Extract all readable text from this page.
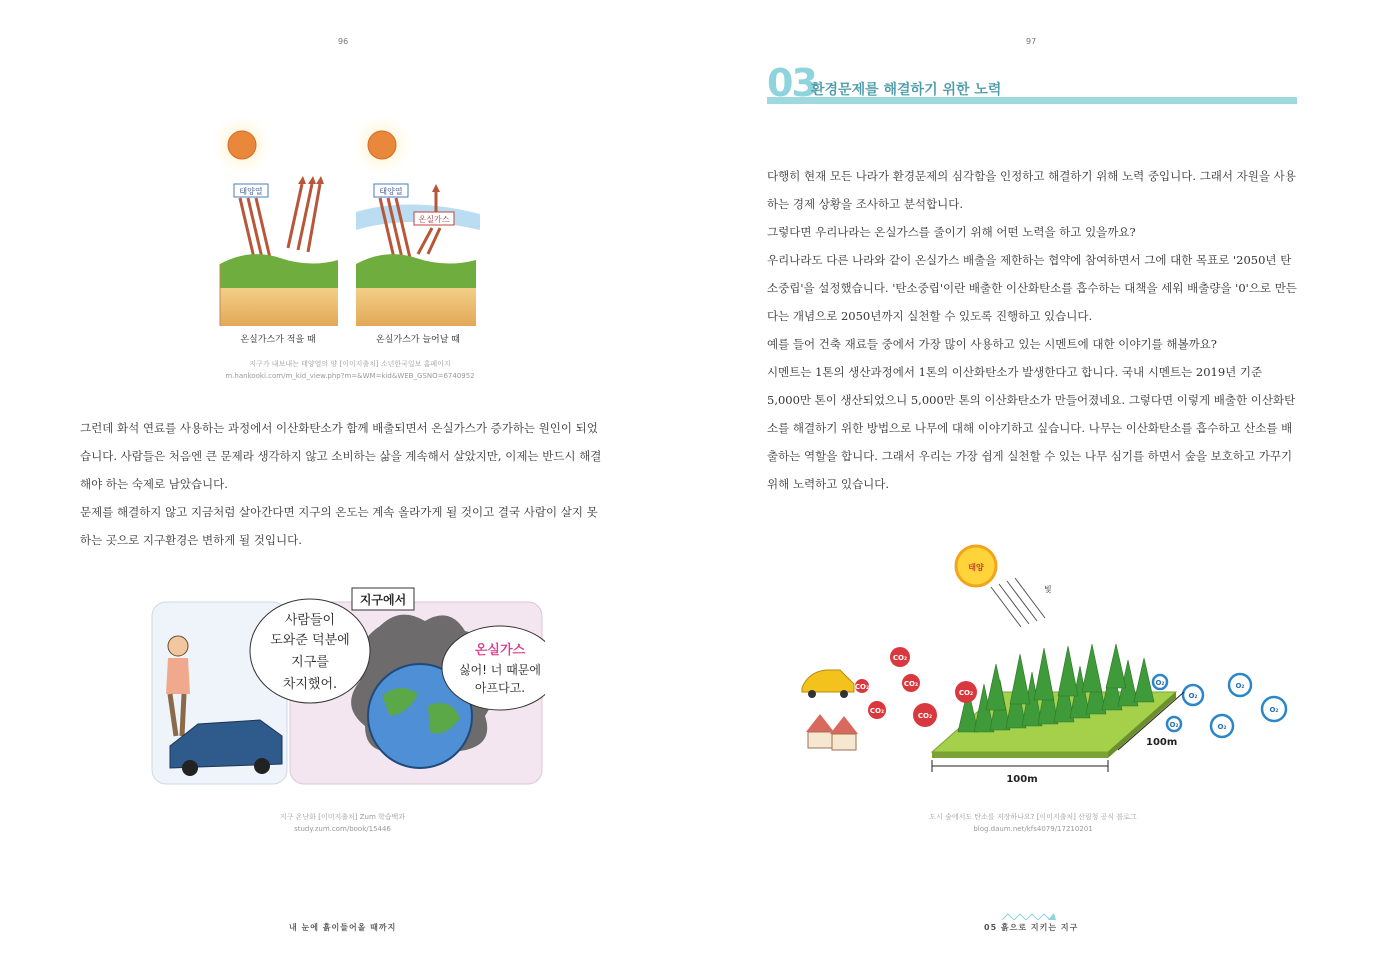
96
태양열
온실가스가 적을 때
태양열
온실가스
온실가스가 늘어날 때
지구가 내보내는 태양열의 양 [이미지출처] 소년한국일보 홈페이지
m.hankooki.com/m_kid_view.php?m=&WM=kid&WEB_GSNO=6740952

그런데 화석 연료를 사용하는 과정에서 이산화탄소가 함께 배출되면서 온실가스가 증가하는 원인이 되었습니다. 사람들은 처음엔 큰 문제라 생각하지 않고 소비하는 삶을 계속해서 살았지만, 이제는 반드시 해결해야 하는 숙제로 남았습니다.

문제를 해결하지 않고 지금처럼 살아간다면 지구의 온도는 계속 올라가게 될 것이고 결국 사람이 살지 못하는 곳으로 지구환경은 변하게 될 것입니다.

지구에서
사람들이
도와준 덕분에
지구를
차지했어.
온실가스
싫어! 너 때문에
아프다고.
지구 온난화 [이미지출처] Zum 학습백과
study.zum.com/book/15446
내 눈에 흙이들어올 때까지
97
03
환경문제를 해결하기 위한 노력

다행히 현재 모든 나라가 환경문제의 심각함을 인정하고 해결하기 위해 노력 중입니다. 그래서 자원을 사용하는 경제 상황을 조사하고 분석합니다.

그렇다면 우리나라는 온실가스를 줄이기 위해 어떤 노력을 하고 있을까요?

우리나라도 다른 나라와 같이 온실가스 배출을 제한하는 협약에 참여하면서 그에 대한 목표로 '2050년 탄소중립'을 설정했습니다. '탄소중립'이란 배출한 이산화탄소를 흡수하는 대책을 세워 배출량을 '0'으로 만든다는 개념으로 2050년까지 실천할 수 있도록 진행하고 있습니다.

예를 들어 건축 재료들 중에서 가장 많이 사용하고 있는 시멘트에 대한 이야기를 해볼까요?

시멘트는 1톤의 생산과정에서 1톤의 이산화탄소가 발생한다고 합니다. 국내 시멘트는 2019년 기준 5,000만 톤이 생산되었으니 5,000만 톤의 이산화탄소가 만들어졌네요. 그렇다면 이렇게 배출한 이산화탄소를 해결하기 위한 방법으로 나무에 대해 이야기하고 싶습니다. 나무는 이산화탄소를 흡수하고 산소를 배출하는 역할을 합니다. 그래서 우리는 가장 쉽게 실천할 수 있는 나무 심기를 하면서 숲을 보호하고 가꾸기 위해 노력하고 있습니다.

태양
빛
CO₂
CO₂	CO₂
CO₂
CO₂
CO₂
O₂
O₂
O₂
O₂
O₂
O₂
100m
100m
도시 숲에서도 탄소를 저장하나요? [이미지출처] 산림청 공식 블로그
blog.daum.net/kfs4079/17210201
05 흙으로 지키는 지구
